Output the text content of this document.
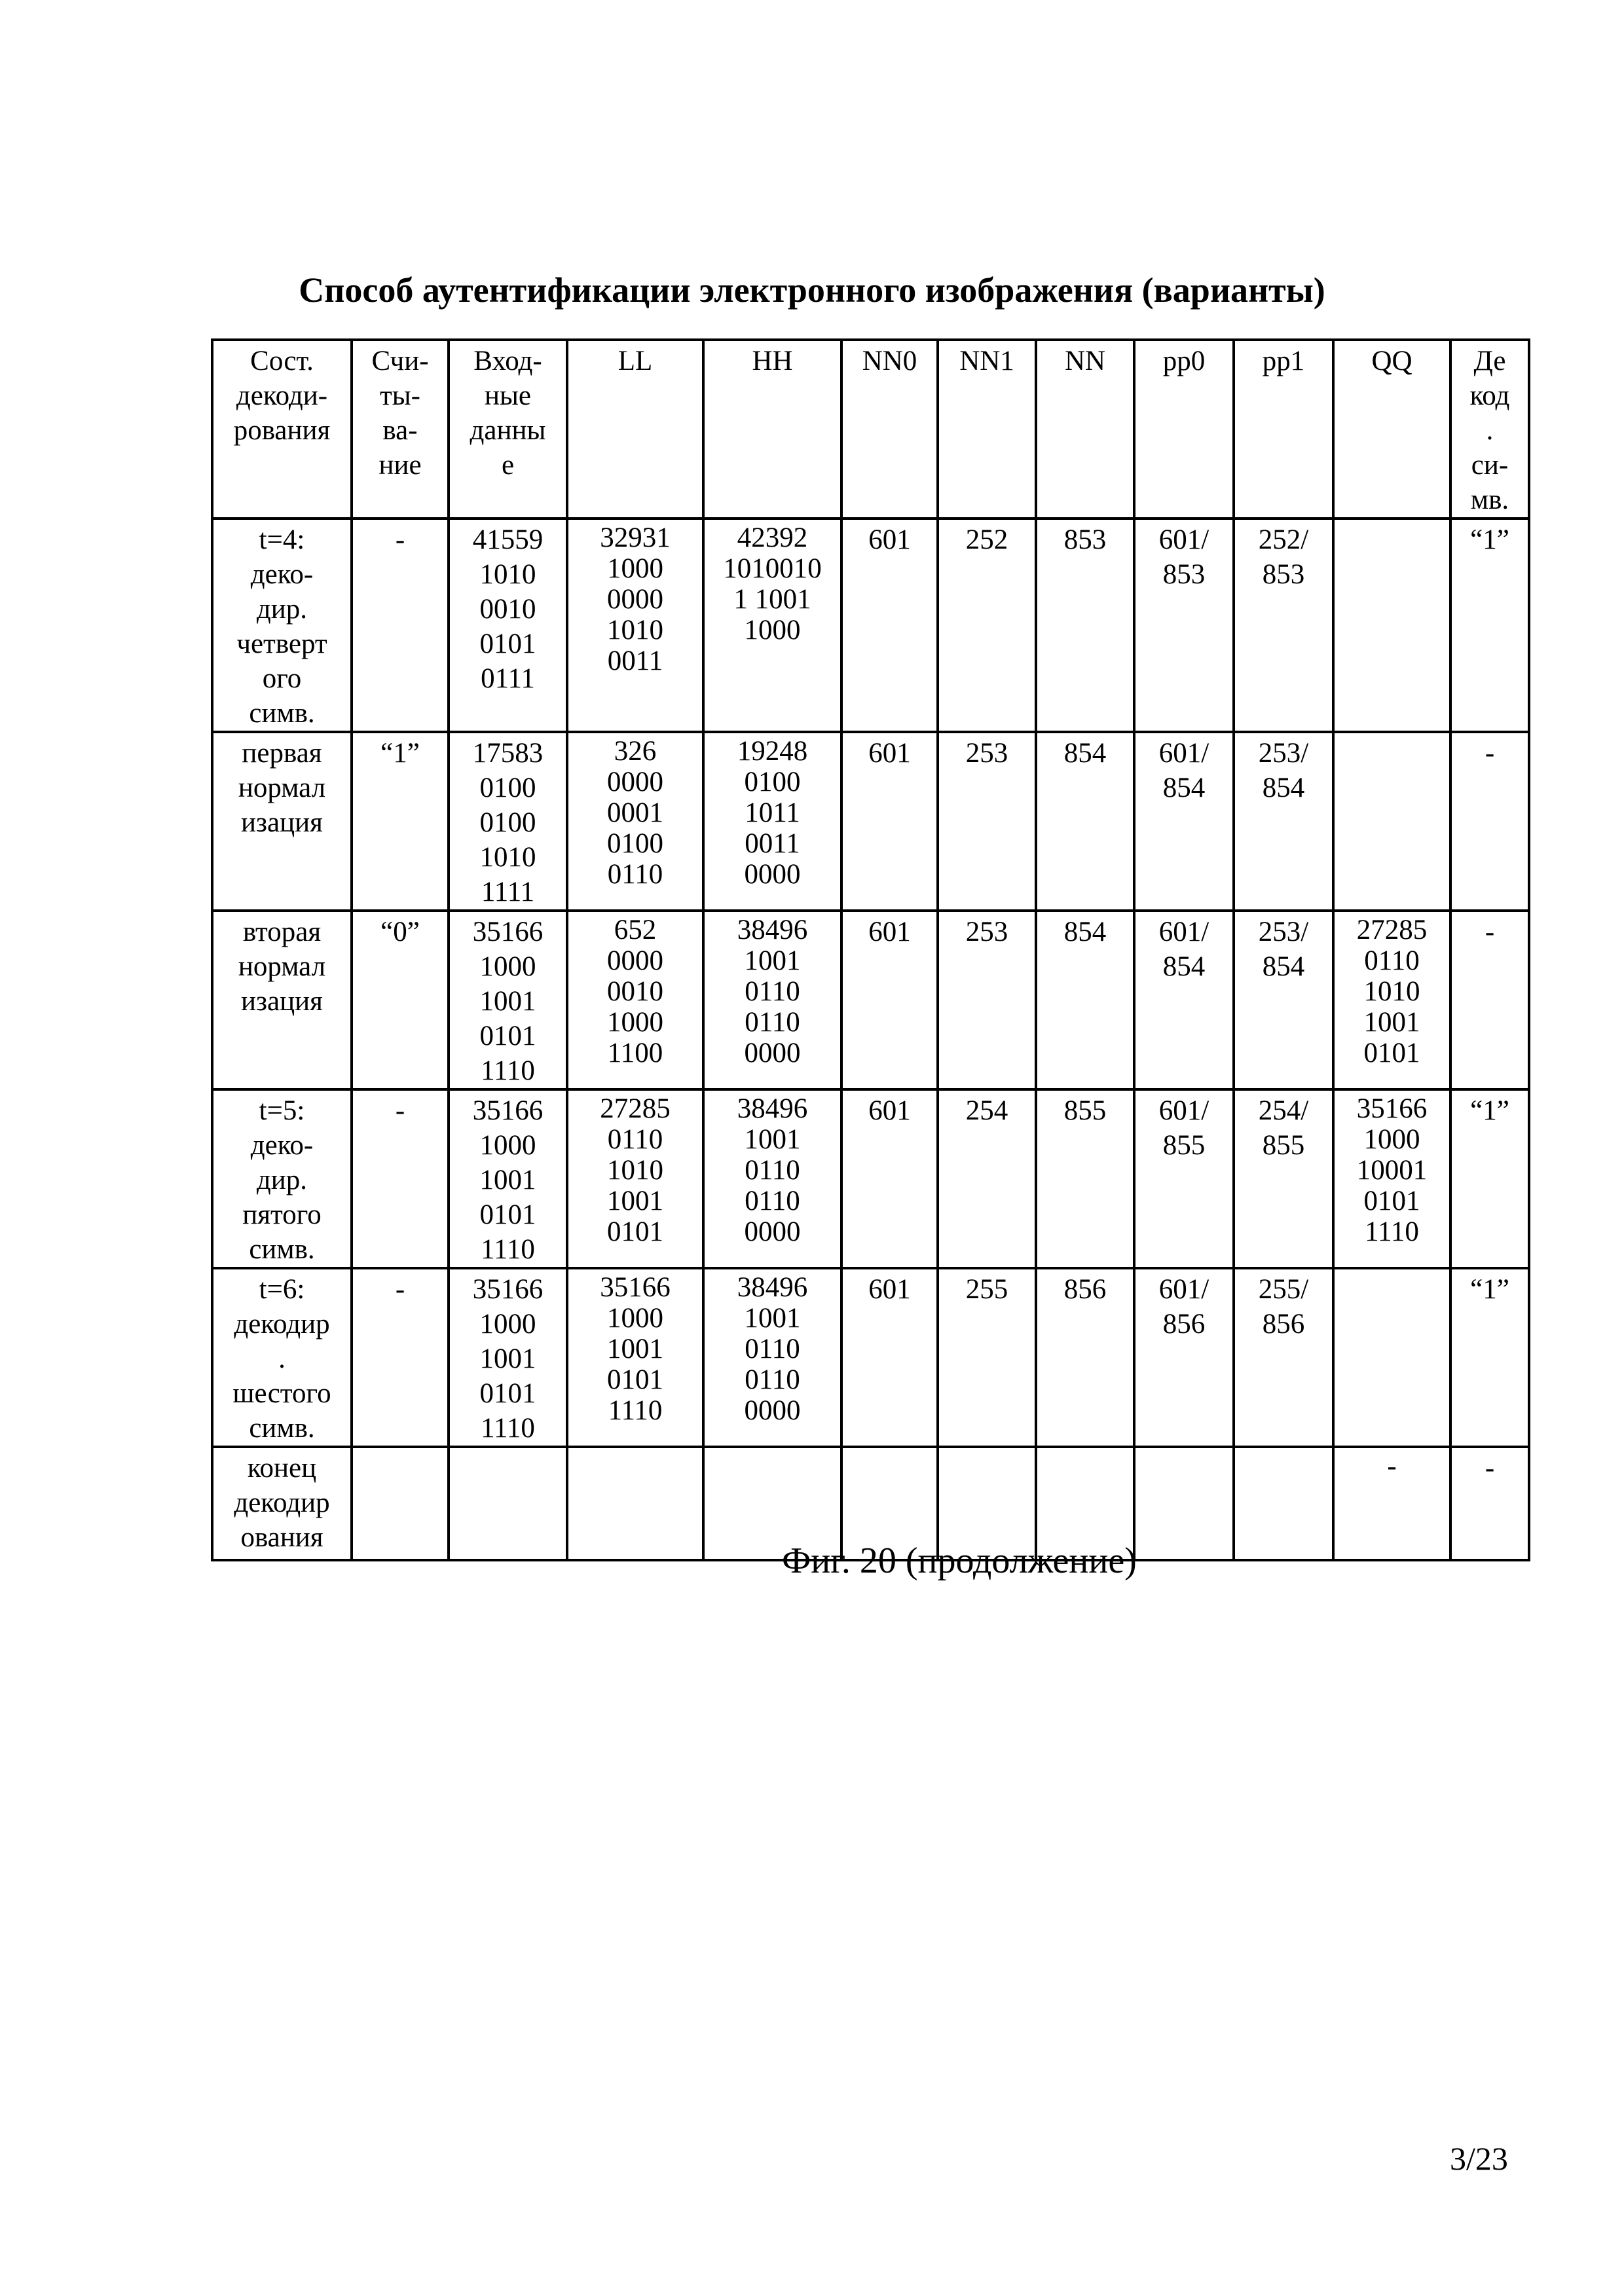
Способ аутентификации электронного изображения (варианты)
Сост.
декоди-
рования

Счи-
ты-
ва-
ние

Вход-
ные
данны
е

LL	HH	NN0	NN1	NN	pp0	pp1	QQ	Де
код
.
си-
мв.

t=4:
деко-
дир.
четверт
ого
симв.

-	41559
1010
0010
0101
0111

32931
1000
0000
1010
0011

42392
1010010
1 1001
1000

601	252	853	601/
853

252/
853

“1”

первая
нормал
изация

“1”	17583
0100
0100
1010
1111

326
0000
0001
0100
0110

19248
0100
1011
0011
0000

601	253	854	601/
854

253/
854

-

вторая
нормал
изация

“0”	35166
1000
1001
0101
1110

652
0000
0010
1000
1100

38496
1001
0110
0110
0000

601	253	854	601/
854

253/
854

27285
0110
1010
1001
0101

-

t=5:
деко-
дир.
пятого
симв.

-	35166
1000
1001
0101
1110

27285
0110
1010
1001
0101

38496
1001
0110
0110
0000

601	254	855	601/
855

254/
855

35166
1000
10001
0101
1110

“1”

t=6:
декодир
.
шестого
симв.

-	35166
1000
1001
0101
1110

35166
1000
1001
0101
1110

38496
1001
0110
0110
0000

601	255	856	601/
856

255/
856

“1”

конец
декодир
ования

-	-
Фиг. 20 (продолжение)
3/23
